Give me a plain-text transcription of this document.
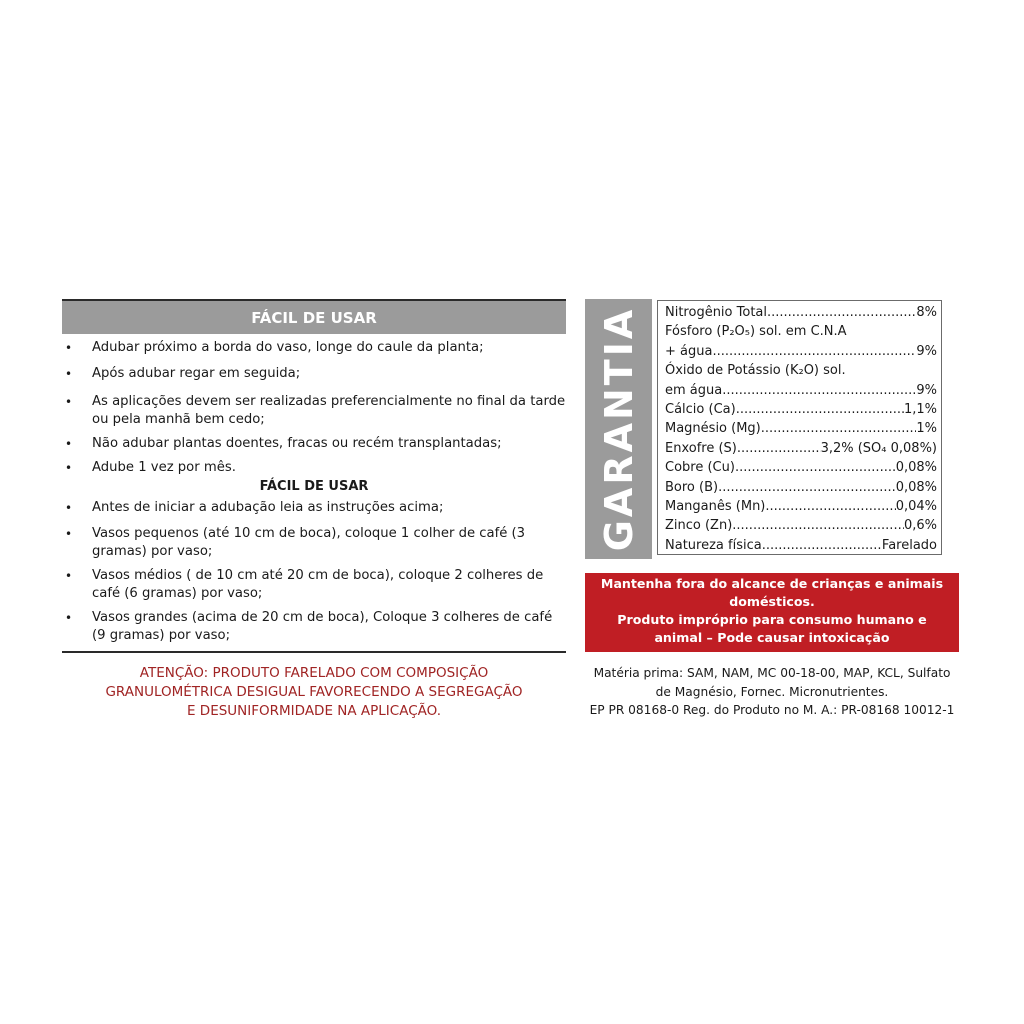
FÁCIL DE USAR
• Adubar próximo a borda do vaso, longe do caule da planta;
• Após adubar regar em seguida;
• As aplicações devem ser realizadas preferencialmente no final da tarde ou pela manhã bem cedo;
• Não adubar plantas doentes, fracas ou recém transplantadas;
• Adube 1 vez por mês.
FÁCIL DE USAR
• Antes de iniciar a adubação leia as instruções acima;
• Vasos pequenos (até 10 cm de boca), coloque 1 colher de café (3 gramas) por vaso;
• Vasos médios ( de 10 cm até 20 cm de boca), coloque 2 colheres de café (6 gramas) por vaso;
• Vasos grandes (acima de 20 cm de boca), Coloque 3 colheres de café (9 gramas) por vaso;
ATENÇÃO: PRODUTO FARELADO COM COMPOSIÇÃO
GRANULOMÉTRICA DESIGUAL FAVORECENDO A SEGREGAÇÃO
E DESUNIFORMIDADE NA APLICAÇÃO.
GARANTIA Nitrogênio Total .....	8%
Fósforo (P₂O₅) sol. em C.N.A
+ água .....	9%
Óxido de Potássio (K₂O) sol.
em água .....	9%
Cálcio (Ca) .....	1,1%
Magnésio (Mg) .....	1%
Enxofre (S) .....	3,2% (SO₄ 0,08%)
Cobre (Cu) .....	0,08%
Boro (B) .....	0,08%
Manganês (Mn) .....	0,04%
Zinco (Zn) .....	0,6%
Natureza física .....	Farelado
Mantenha fora do alcance de crianças e animais
domésticos.
Produto impróprio para consumo humano e
animal – Pode causar intoxicação
Matéria prima: SAM, NAM, MC 00-18-00, MAP, KCL, Sulfato
de Magnésio, Fornec. Micronutrientes.
EP PR 08168-0 Reg. do Produto no M. A.: PR-08168 10012-1
